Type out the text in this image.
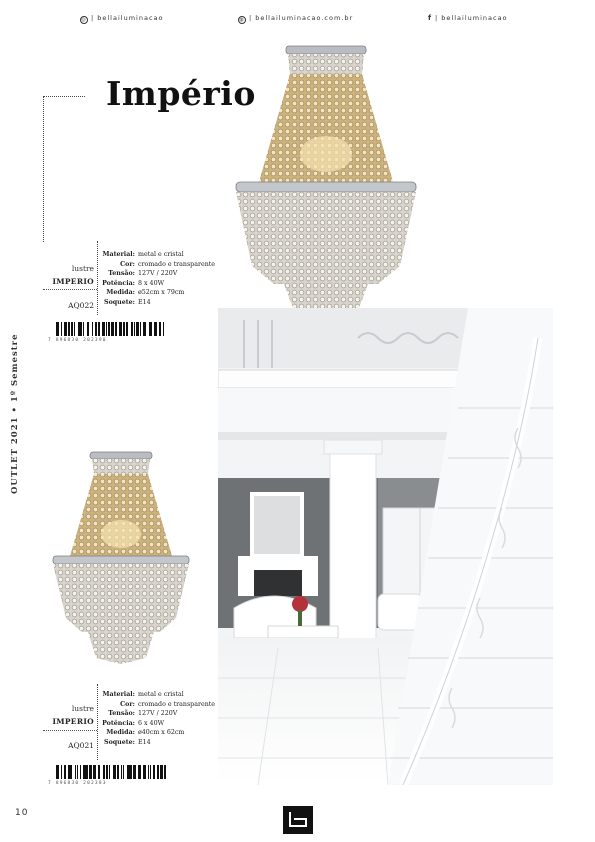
◎ | bellailuminacao	◍ | bellailuminacao.com.br	f | bellailuminacao
Império
OUTLET 2021 • 1º Semestre
lustre
IMPERIO
AQ022
Material: metal e cristal
Cor: cromado e transparente
Tensão: 127V / 220V
Potência: 8 x 40W
Medida: ø52cm x 79cm
Soquete: E14
7 896830 202390
lustre
IMPERIO
AQ021
Material: metal e cristal
Cor: cromado e transparente
Tensão: 127V / 220V
Potência: 6 x 40W
Medida: ø40cm x 62cm
Soquete: E14
7 896830 202383
10
